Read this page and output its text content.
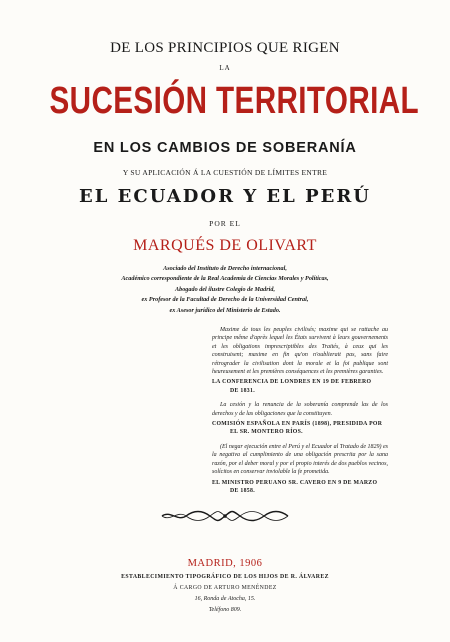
DE LOS PRINCIPIOS QUE RIGEN
LA
SUCESIÓN TERRITORIAL
EN LOS CAMBIOS DE SOBERANÍA
Y SU APLICACIÓN Á LA CUESTIÓN DE LÍMITES ENTRE
EL ECUADOR Y EL PERÚ
POR EL
MARQUÉS DE OLIVART
Asociado del Instituto de Derecho internacional,
Académico correspondiente de la Real Academia de Ciencias Morales y Políticas,
Abogado del ilustre Colegio de Madrid,
ex Profesor de la Facultad de Derecho de la Universidad Central,
ex Asesor jurídico del Ministerio de Estado.
Maxime de tous les peuples civilisés; maxime qui se rattache au principe même d'après lequel les États survivent à leurs gouvernements et les obligations imprescriptibles des Traités, à ceux qui les construisent; maxime en fin qu'on n'oublierait pas, sans faire rétrograder la civilisation dont la morale et la foi publique sont heureusement et les premières conséquences et les premières garanties.
LA CONFERENCIA DE LONDRES EN 19 DE FEBRERO
DE 1831.
La cesión y la renuncia de la soberanía comprende las de los derechos y de las obligaciones que la constituyen.
COMISIÓN ESPAÑOLA EN PARÍS (1898), PRESIDIDA POR
EL SR. MONTERO RÍOS.
(El negar ejecución entre el Perú y el Ecuador al Tratado de 1829) es la negativa al cumplimiento de una obligación prescrita por la sana razón, por el deber moral y por el propio interés de dos pueblos vecinos, solícitos en conservar inviolable la fe prometida.
EL MINISTRO PERUANO SR. CAVERO EN 9 DE MARZO
DE 1858.
MADRID, 1906
ESTABLECIMIENTO TIPOGRÁFICO DE LOS HIJOS DE R. ÁLVAREZ
Á CARGO DE ARTURO MENÉNDEZ
16, Ronda de Atocha, 15.
Teléfono 809.
